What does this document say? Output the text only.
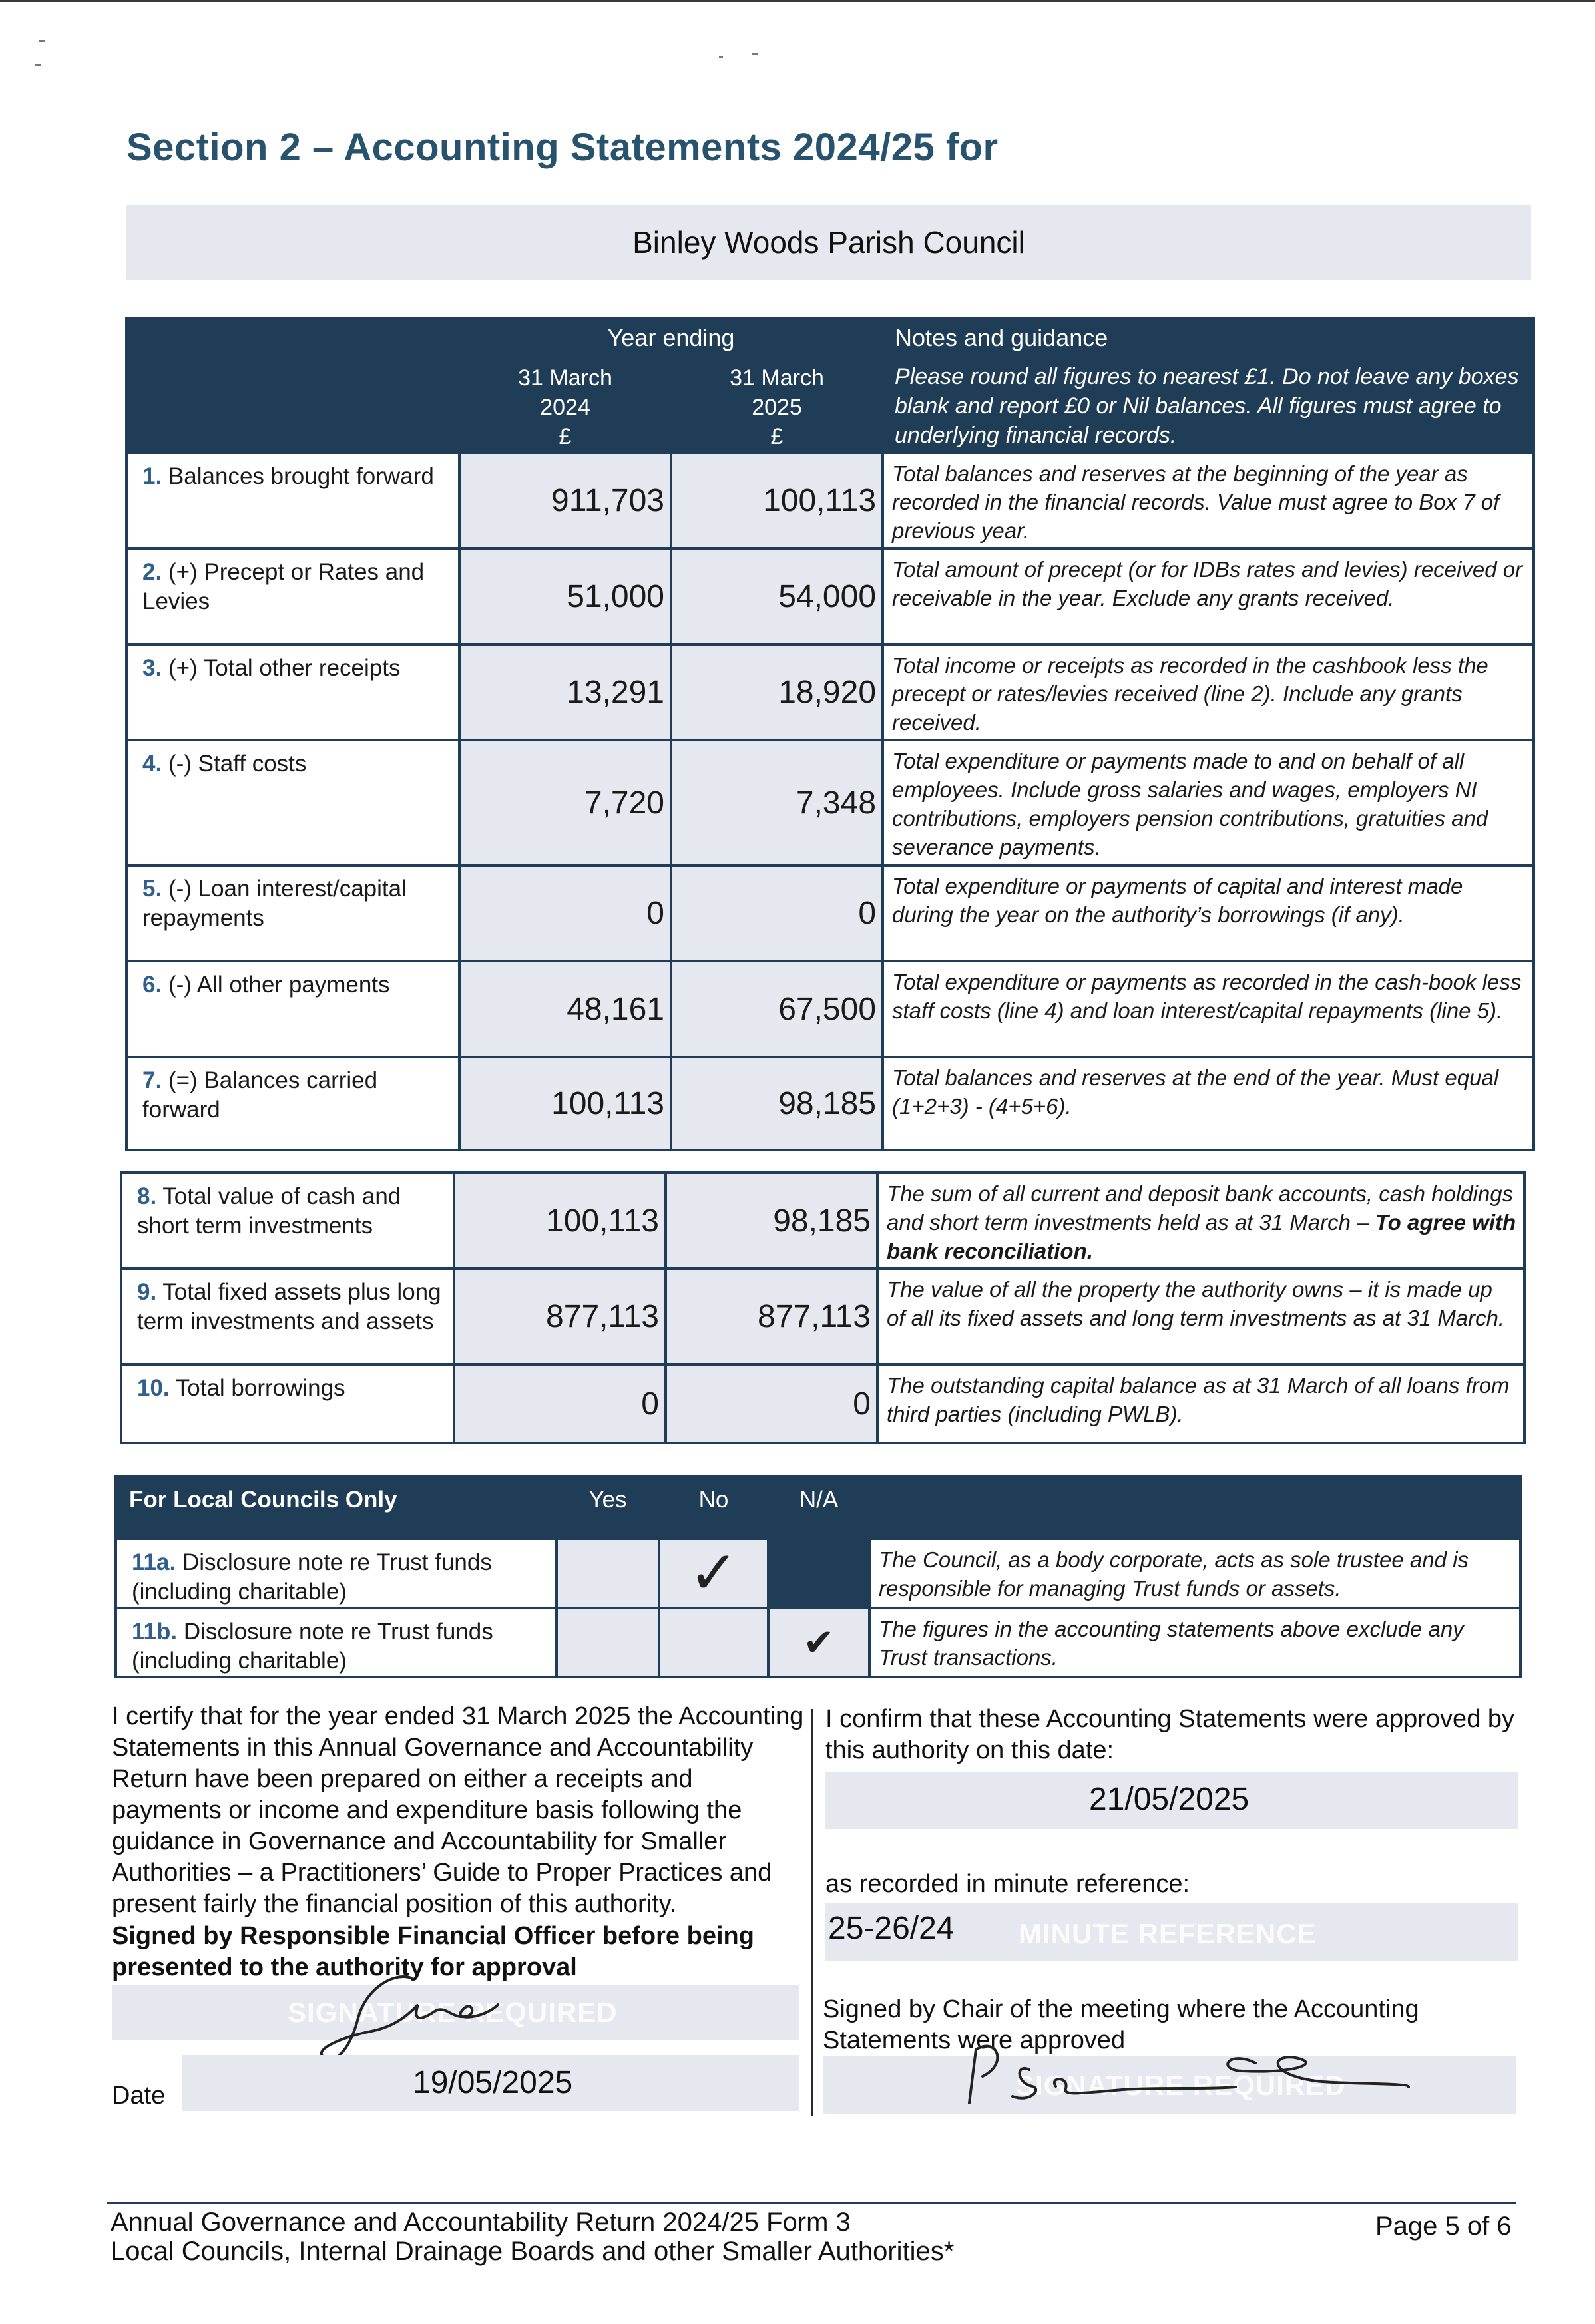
Section 2 – Accounting Statements 2024/25 for
Binley Woods Parish Council

	Year ending		Notes and guidance

	31 March
2024
£	31 March
2025
£	Please round all figures to nearest £1. Do not leave any boxes blank and report £0 or Nil balances. All figures must agree to underlying financial records.

1. Balances brought forward	911,703	100,113	Total balances and reserves at the beginning of the year as recorded in the financial records. Value must agree to Box 7 of previous year.
2. (+) Precept or Rates and Levies	51,000	54,000	Total amount of precept (or for IDBs rates and levies) received or receivable in the year. Exclude any grants received.
3. (+) Total other receipts	13,291	18,920	Total income or receipts as recorded in the cashbook less the precept or rates/levies received (line 2). Include any grants received.
4. (-) Staff costs	7,720	7,348	Total expenditure or payments made to and on behalf of all employees. Include gross salaries and wages, employers NI contributions, employers pension contributions, gratuities and severance payments.
5. (-) Loan interest/capital repayments	0	0	Total expenditure or payments of capital and interest made during the year on the authority’s borrowings (if any).
6. (-) All other payments	48,161	67,500	Total expenditure or payments as recorded in the cash-book less staff costs (line 4) and loan interest/capital repayments (line 5).
7. (=) Balances carried forward	100,113	98,185	Total balances and reserves at the end of the year. Must equal (1+2+3) - (4+5+6).
8. Total value of cash and short term investments	100,113	98,185	The sum of all current and deposit bank accounts, cash holdings and short term investments held as at 31 March – To agree with bank reconciliation.
9. Total fixed assets plus long term investments and assets	877,113	877,113	The value of all the property the authority owns – it is made up of all its fixed assets and long term investments as at 31 March.
10. Total borrowings	0	0	The outstanding capital balance as at 31 March of all loans from third parties (including PWLB).
For Local Councils Only	Yes	No	N/A	

11a. Disclosure note re Trust funds (including charitable)		✓		The Council, as a body corporate, acts as sole trustee and is responsible for managing Trust funds or assets.
11b. Disclosure note re Trust funds (including charitable)			✔	The figures in the accounting statements above exclude any Trust transactions.
I certify that for the year ended 31 March 2025 the Accounting Statements in this Annual Governance and Accountability Return have been prepared on either a receipts and payments or income and expenditure basis following the guidance in Governance and Accountability for Smaller Authorities – a Practitioners’ Guide to Proper Practices and present fairly the financial position of this authority.
Signed by Responsible Financial Officer before being presented to the authority for approval
SIGNATURE REQUIRED
Date	19/05/2025
I confirm that these Accounting Statements were approved by this authority on this date:
21/05/2025
as recorded in minute reference:
25-26/24 MINUTE REFERENCE
Signed by Chair of the meeting where the Accounting Statements were approved
SIGNATURE REQUIRED
Annual Governance and Accountability Return 2024/25 Form 3
Local Councils, Internal Drainage Boards and other Smaller Authorities*
Page 5 of 6
